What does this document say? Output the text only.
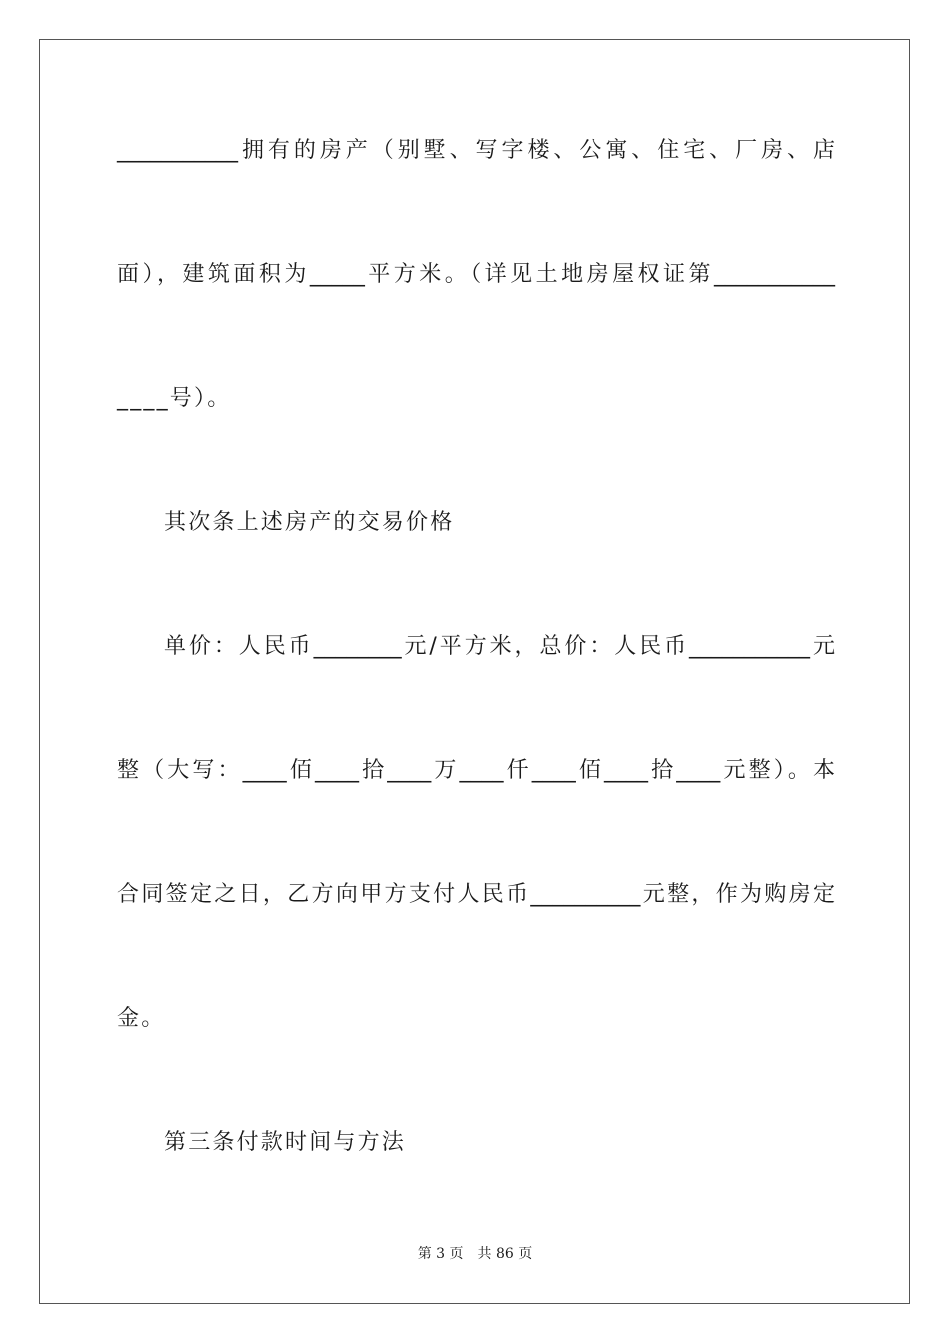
___________拥有的房产（别墅、写字楼、公寓、住宅、厂房、店
面），建筑面积为_____平方米。（详见土地房屋权证第___________
____号）。
其次条上述房产的交易价格
单价：人民币________元/平方米，总价：人民币___________元
整（大写：____佰____拾____万____仟____佰____拾____元整）。本
合同签定之日，乙方向甲方支付人民币__________元整，作为购房定
金。
第三条付款时间与方法
第 3 页　共 86 页
